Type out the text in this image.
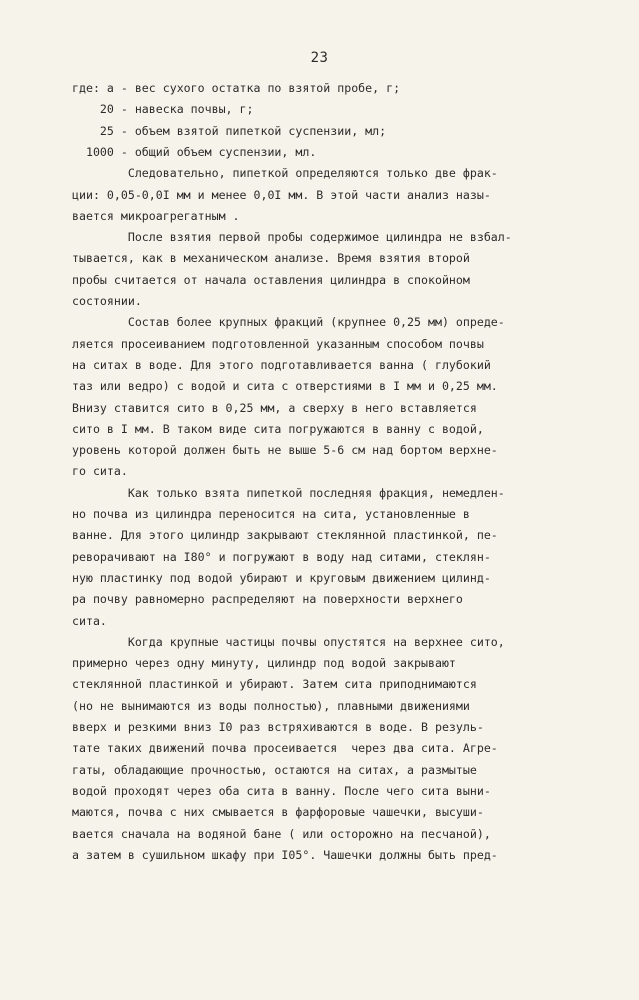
23
где: а - вес сухого остатка по взятой пробе, г;
20 - навеска почвы, г;
25 - объем взятой пипеткой суспензии, мл;
1000 - общий объем суспензии, мл.
Следовательно, пипеткой определяются только две фрак-
ции: 0,05-0,0I мм и менее 0,0I мм. В этой части анализ назы-
вается микроагрегатным .
После взятия первой пробы содержимое цилиндра не взбал-
тывается, как в механическом анализе. Время взятия второй
пробы считается от начала оставления цилиндра в спокойном
состоянии.
Состав более крупных фракций (крупнее 0,25 мм) опреде-
ляется просеиванием подготовленной указанным способом почвы
на ситах в воде. Для этого подготавливается ванна ( глубокий
таз или ведро) с водой и сита с отверстиями в I мм и 0,25 мм.
Внизу ставится сито в 0,25 мм, а сверху в него вставляется
сито в I мм. В таком виде сита погружаются в ванну с водой,
уровень которой должен быть не выше 5-6 см над бортом верхне-
го сита.
Как только взята пипеткой последняя фракция, немедлен-
но почва из цилиндра переносится на сита, установленные в
ванне. Для этого цилиндр закрывают стеклянной пластинкой, пе-
реворачивают на I80° и погружают в воду над ситами, стеклян-
ную пластинку под водой убирают и круговым движением цилинд-
ра почву равномерно распределяют на поверхности верхнего
сита.
Когда крупные частицы почвы опустятся на верхнее сито,
примерно через одну минуту, цилиндр под водой закрывают
стеклянной пластинкой и убирают. Затем сита приподнимаются
(но не вынимаются из воды полностью), плавными движениями
вверх и резкими вниз I0 раз встряхиваются в воде. В резуль-
тате таких движений почва просеивается  через два сита. Агре-
гаты, обладающие прочностью, остаются на ситах, а размытые
водой проходят через оба сита в ванну. После чего сита выни-
маются, почва с них смывается в фарфоровые чашечки, высуши-
вается сначала на водяной бане ( или осторожно на песчаной),
а затем в сушильном шкафу при I05°. Чашечки должны быть пред-
